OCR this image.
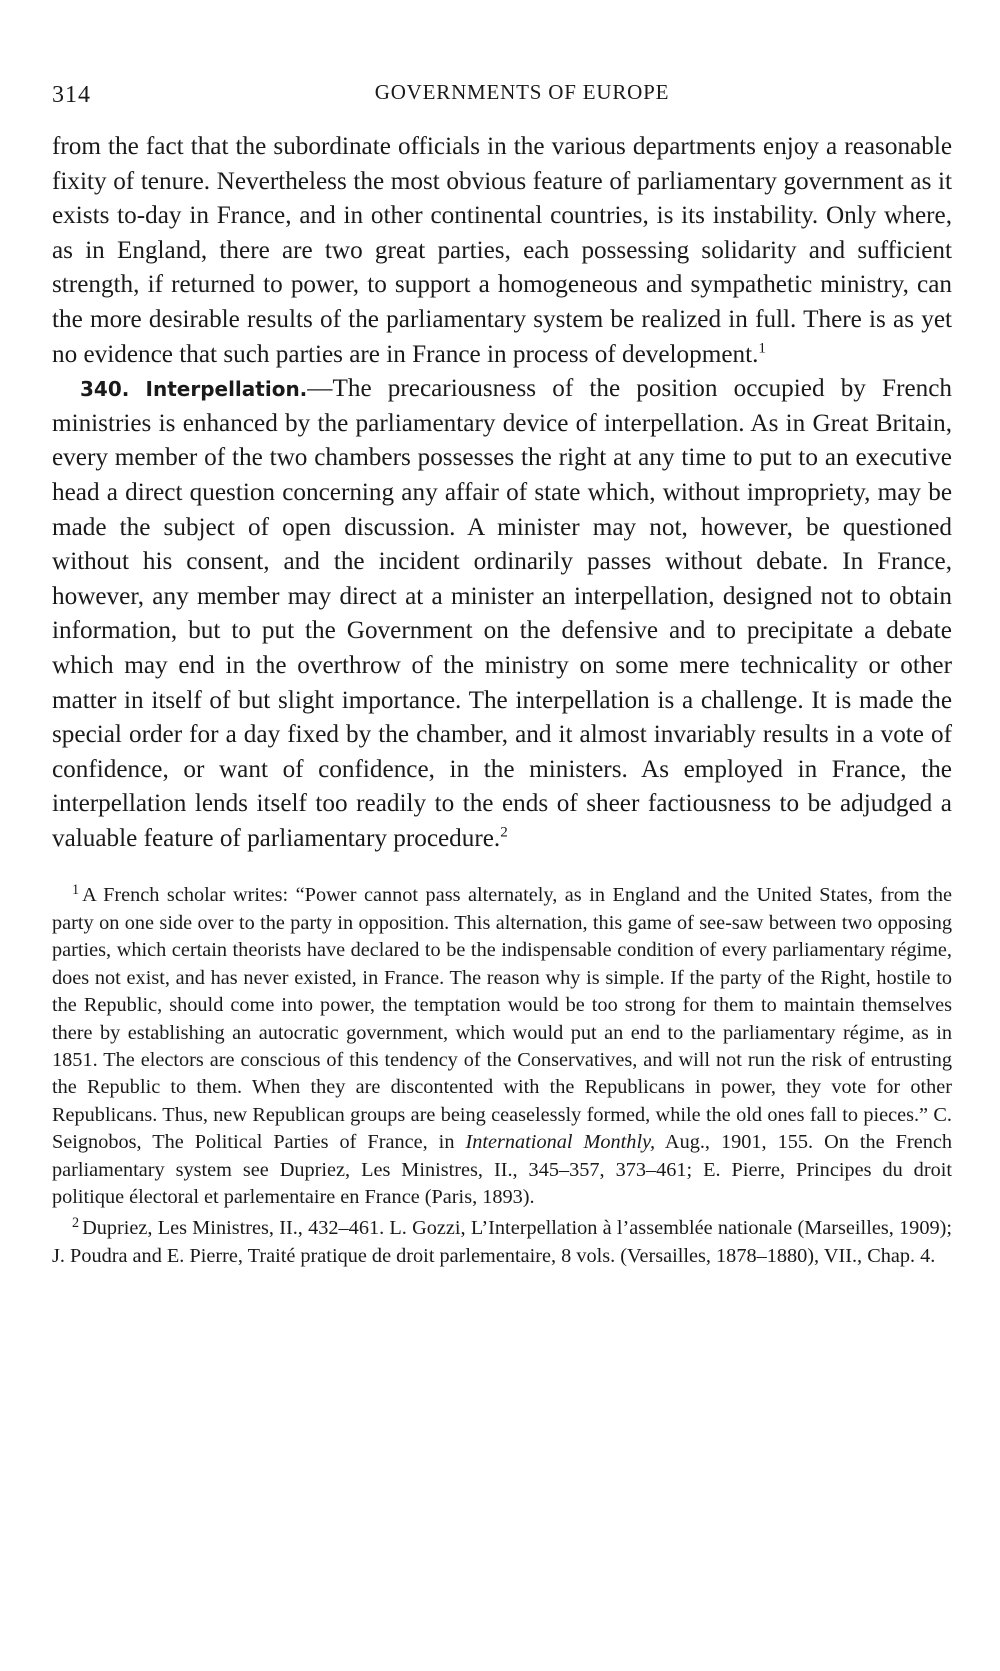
314	GOVERNMENTS OF EUROPE

from the fact that the subordinate officials in the various departments enjoy a reasonable fixity of tenure. Nevertheless the most obvious feature of parliamentary government as it exists to-day in France, and in other continental countries, is its instability. Only where, as in England, there are two great parties, each possessing solidarity and sufficient strength, if returned to power, to support a homogeneous and sympathetic ministry, can the more desirable results of the parliamentary system be realized in full. There is as yet no evidence that such parties are in France in process of development.$^1$

340. Interpellation.—The precariousness of the position occupied by French ministries is enhanced by the parliamentary device of interpellation. As in Great Britain, every member of the two chambers possesses the right at any time to put to an executive head a direct question concerning any affair of state which, without impropriety, may be made the subject of open discussion. A minister may not, however, be questioned without his consent, and the incident ordinarily passes without debate. In France, however, any member may direct at a minister an interpellation, designed not to obtain information, but to put the Government on the defensive and to precipitate a debate which may end in the overthrow of the ministry on some mere technicality or other matter in itself of but slight importance. The interpellation is a challenge. It is made the special order for a day fixed by the chamber, and it almost invariably results in a vote of confidence, or want of confidence, in the ministers. As employed in France, the interpellation lends itself too readily to the ends of sheer factiousness to be adjudged a valuable feature of parliamentary procedure.$^2$

$^1$ A French scholar writes: “Power cannot pass alternately, as in England and the United States, from the party on one side over to the party in opposition. This alternation, this game of see-saw between two opposing parties, which certain theorists have declared to be the indispensable condition of every parliamentary régime, does not exist, and has never existed, in France. The reason why is simple. If the party of the Right, hostile to the Republic, should come into power, the temptation would be too strong for them to maintain themselves there by establishing an autocratic government, which would put an end to the parliamentary régime, as in 1851. The electors are conscious of this tendency of the Conservatives, and will not run the risk of entrusting the Republic to them. When they are discontented with the Republicans in power, they vote for other Republicans. Thus, new Republican groups are being ceaselessly formed, while the old ones fall to pieces.” C. Seignobos, The Political Parties of France, in International Monthly, Aug., 1901, 155. On the French parliamentary system see Dupriez, Les Ministres, II., 345–357, 373–461; E. Pierre, Principes du droit politique électoral et parlementaire en France (Paris, 1893).

$^2$ Dupriez, Les Ministres, II., 432–461. L. Gozzi, L’Interpellation à l’assemblée nationale (Marseilles, 1909); J. Poudra and E. Pierre, Traité pratique de droit parlementaire, 8 vols. (Versailles, 1878–1880), VII., Chap. 4.
